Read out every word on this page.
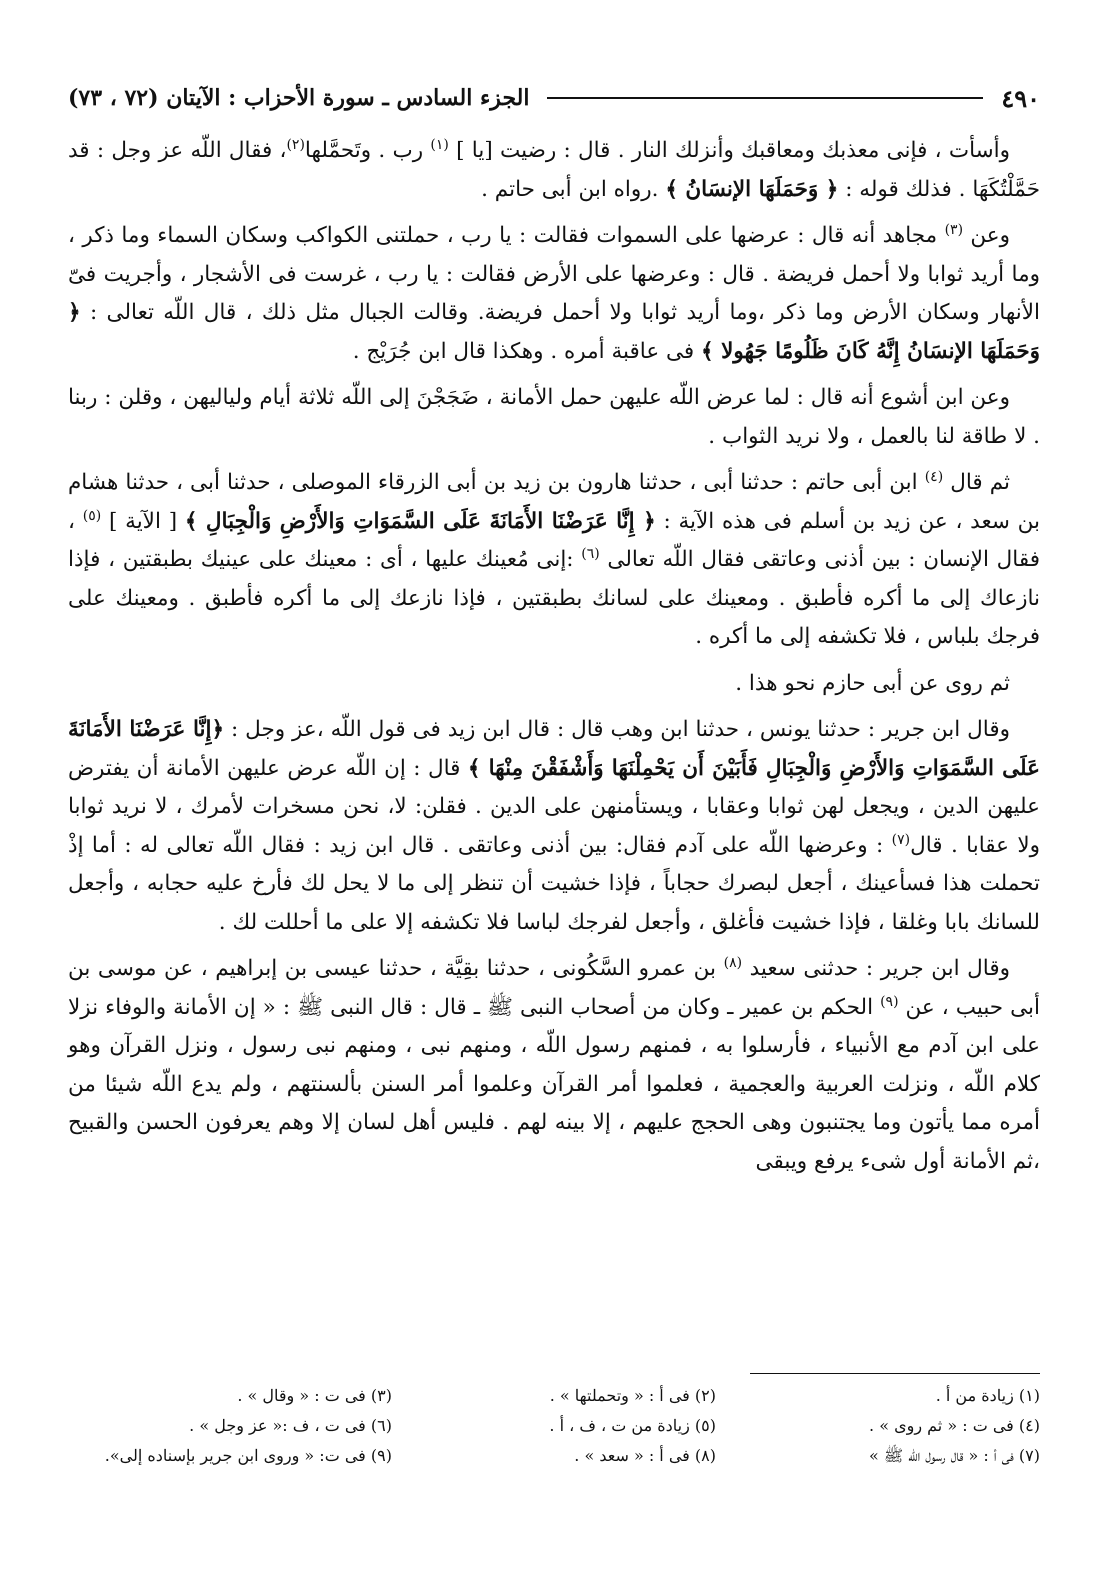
٤٩٠
الجزء السادس ـ سورة الأحزاب : الآيتان (٧٢ ، ٧٣)

وأسأت ، فإنى معذبك ومعاقبك وأنزلك النار . قال : رضيت [يا ] $^{(١)}$ رب . وتَحمَّلها$^{(٢)}$، فقال اللّه عز وجل : قد حَمَّلْتُكَهَا . فذلك قوله : ﴿ وَحَمَلَهَا الإنسَانُ ﴾ .رواه ابن أبى حاتم .

وعن $^{(٣)}$ مجاهد أنه قال : عرضها على السموات فقالت : يا رب ، حملتنى الكواكب وسكان السماء وما ذكر ، وما أريد ثوابا ولا أحمل فريضة . قال : وعرضها على الأرض فقالت : يا رب ، غرست فى الأشجار ، وأجريت فىّ الأنهار وسكان الأرض وما ذكر ،وما أريد ثوابا ولا أحمل فريضة. وقالت الجبال مثل ذلك ، قال اللّه تعالى : ﴿ وَحَمَلَهَا الإنسَانُ إِنَّهُ كَانَ ظَلُومًا جَهُولا ﴾ فى عاقبة أمره . وهكذا قال ابن جُرَيْج .

وعن ابن أشوع أنه قال : لما عرض اللّه عليهن حمل الأمانة ، ضَجَجْنَ إلى اللّه ثلاثة أيام ولياليهن ، وقلن : ربنا . لا طاقة لنا بالعمل ، ولا نريد الثواب .

ثم قال $^{(٤)}$ ابن أبى حاتم : حدثنا أبى ، حدثنا هارون بن زيد بن أبى الزرقاء الموصلى ، حدثنا أبى ، حدثنا هشام بن سعد ، عن زيد بن أسلم فى هذه الآية : ﴿ إِنَّا عَرَضْنَا الأَمَانَةَ عَلَى السَّمَوَاتِ وَالأَرْضِ وَالْجِبَالِ ﴾ [ الآية ] $^{(٥)}$ ، فقال الإنسان : بين أذنى وعاتقى فقال اللّه تعالى $^{(٦)}$ :إنى مُعينك عليها ، أى : معينك على عينيك بطبقتين ، فإذا نازعاك إلى ما أكره فأطبق . ومعينك على لسانك بطبقتين ، فإذا نازعك إلى ما أكره فأطبق . ومعينك على فرجك بلباس ، فلا تكشفه إلى ما أكره .

ثم روى عن أبى حازم نحو هذا .

وقال ابن جرير : حدثنا يونس ، حدثنا ابن وهب قال : قال ابن زيد فى قول اللّه ،عز وجل : ﴿إِنَّا عَرَضْنَا الأَمَانَةَ عَلَى السَّمَوَاتِ وَالأَرْضِ وَالْجِبَالِ فَأَبَيْنَ أَن يَحْمِلْنَهَا وَأَشْفَقْنَ مِنْهَا ﴾ قال : إن اللّه عرض عليهن الأمانة أن يفترض عليهن الدين ، ويجعل لهن ثوابا وعقابا ، ويستأمنهن على الدين . فقلن: لا، نحن مسخرات لأمرك ، لا نريد ثوابا ولا عقابا . قال$^{(٧)}$ : وعرضها اللّه على آدم فقال: بين أذنى وعاتقى . قال ابن زيد : فقال اللّه تعالى له : أما إذْ تحملت هذا فسأعينك ، أجعل لبصرك حجاباً ، فإذا خشيت أن تنظر إلى ما لا يحل لك فأرخ عليه حجابه ، وأجعل للسانك بابا وغلقا ، فإذا خشيت فأغلق ، وأجعل لفرجك لباسا فلا تكشفه إلا على ما أحللت لك .

وقال ابن جرير : حدثنى سعيد $^{(٨)}$ بن عمرو السَّكُونى ، حدثنا بقِيَّة ، حدثنا عيسى بن إبراهيم ، عن موسى بن أبى حبيب ، عن $^{(٩)}$ الحكم بن عمير ـ وكان من أصحاب النبى ﷺ ـ قال : قال النبى ﷺ : « إن الأمانة والوفاء نزلا على ابن آدم مع الأنبياء ، فأرسلوا به ، فمنهم رسول اللّه ، ومنهم نبى ، ومنهم نبى رسول ، ونزل القرآن وهو كلام اللّه ، ونزلت العربية والعجمية ، فعلموا أمر القرآن وعلموا أمر السنن بألسنتهم ، ولم يدع اللّه شيئا من أمره مما يأتون وما يجتنبون وهى الحجج عليهم ، إلا بينه لهم . فليس أهل لسان إلا وهم يعرفون الحسن والقبيح ،ثم الأمانة أول شىء يرفع ويبقى

(١) زيادة من أ .
(٢) فى أ : « وتحملتها » .
(٣) فى ت : « وقال » .
(٤) فى ت : « ثم روى » .
(٥) زيادة من ت ، ف ، أ .
(٦) فى ت ، ف :« عز وجل » .
(٧) فى أ : « قال رسول اللّه ﷺ »
(٨) فى أ : « سعد » .
(٩) فى ت: « وروى ابن جرير بإسناده إلى».
